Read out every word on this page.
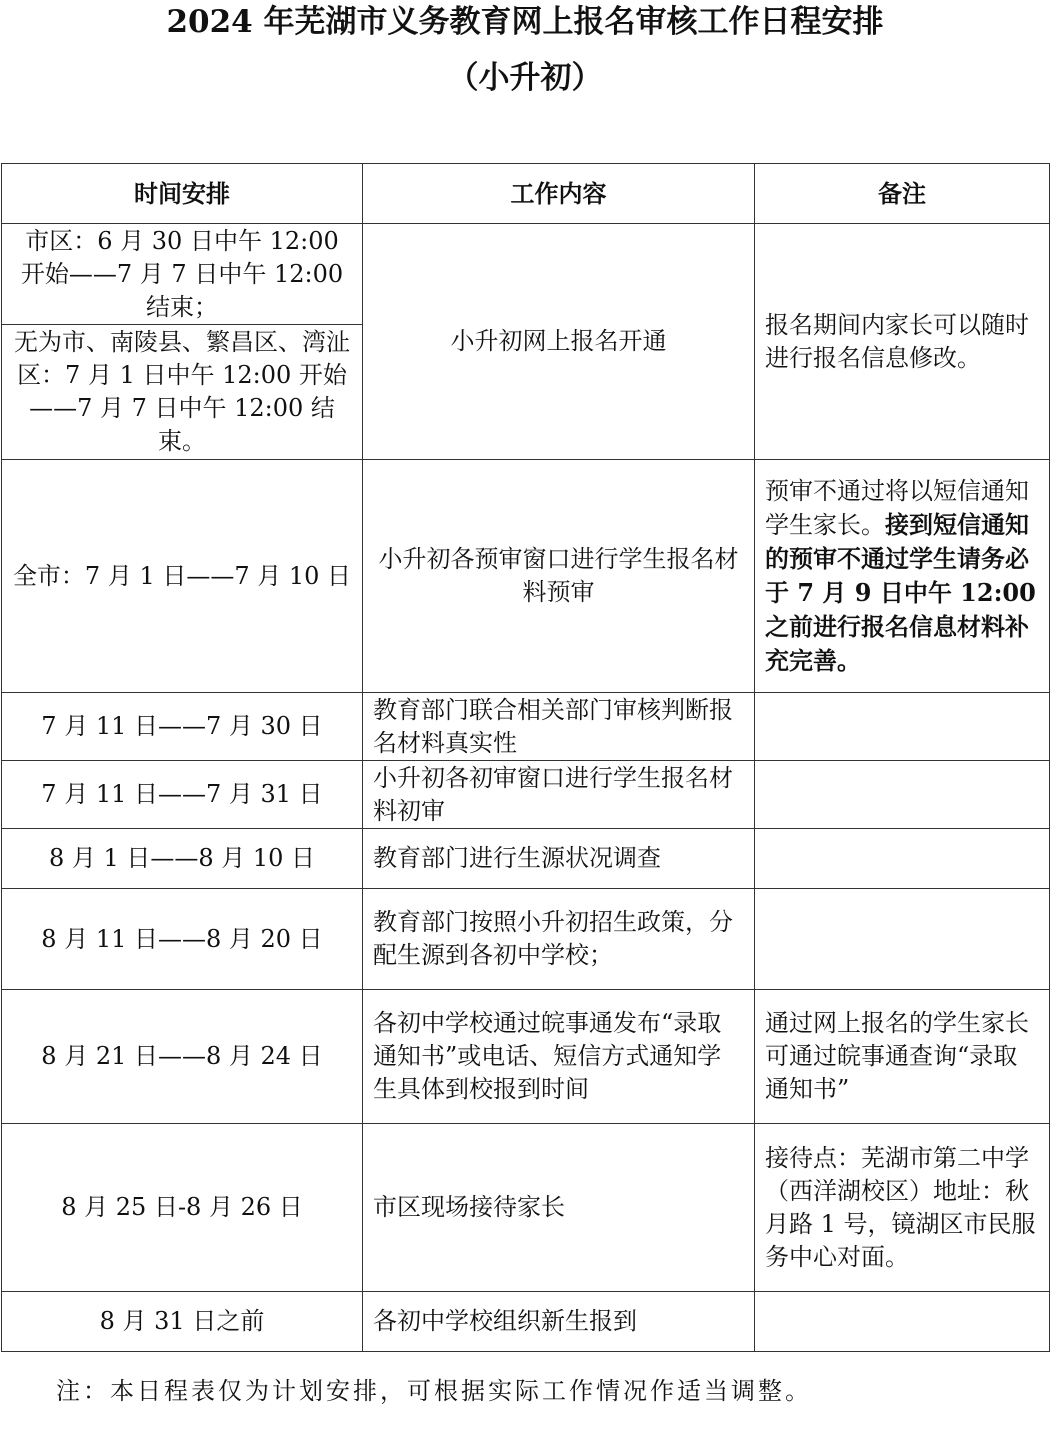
2024 年芜湖市义务教育网上报名审核工作日程安排
（小升初）
时间安排	工作内容	备注
市区：6 月 30 日中午 12:00 开始——7 月 7 日中午 12:00 结束；	小升初网上报名开通	报名期间内家长可以随时进行报名信息修改。
无为市、南陵县、繁昌区、湾沚区：7 月 1 日中午 12:00 开始——7 月 7 日中午 12:00 结束。		
全市：7 月 1 日——7 月 10 日	小升初各预审窗口进行学生报名材料预审	预审不通过将以短信通知学生家长。接到短信通知的预审不通过学生请务必于 7 月 9 日中午 12:00 之前进行报名信息材料补充完善。
7 月 11 日——7 月 30 日	教育部门联合相关部门审核判断报名材料真实性	
7 月 11 日——7 月 31 日	小升初各初审窗口进行学生报名材料初审	
8 月 1 日——8 月 10 日	教育部门进行生源状况调查	
8 月 11 日——8 月 20 日	教育部门按照小升初招生政策，分配生源到各初中学校；	
8 月 21 日——8 月 24 日	各初中学校通过皖事通发布“录取通知书”或电话、短信方式通知学生具体到校报到时间	通过网上报名的学生家长可通过皖事通查询“录取通知书”
8 月 25 日-8 月 26 日	市区现场接待家长	接待点：芜湖市第二中学（西洋湖校区）地址：秋月路 1 号，镜湖区市民服务中心对面。
8 月 31 日之前	各初中学校组织新生报到	

注：本日程表仅为计划安排，可根据实际工作情况作适当调整。
